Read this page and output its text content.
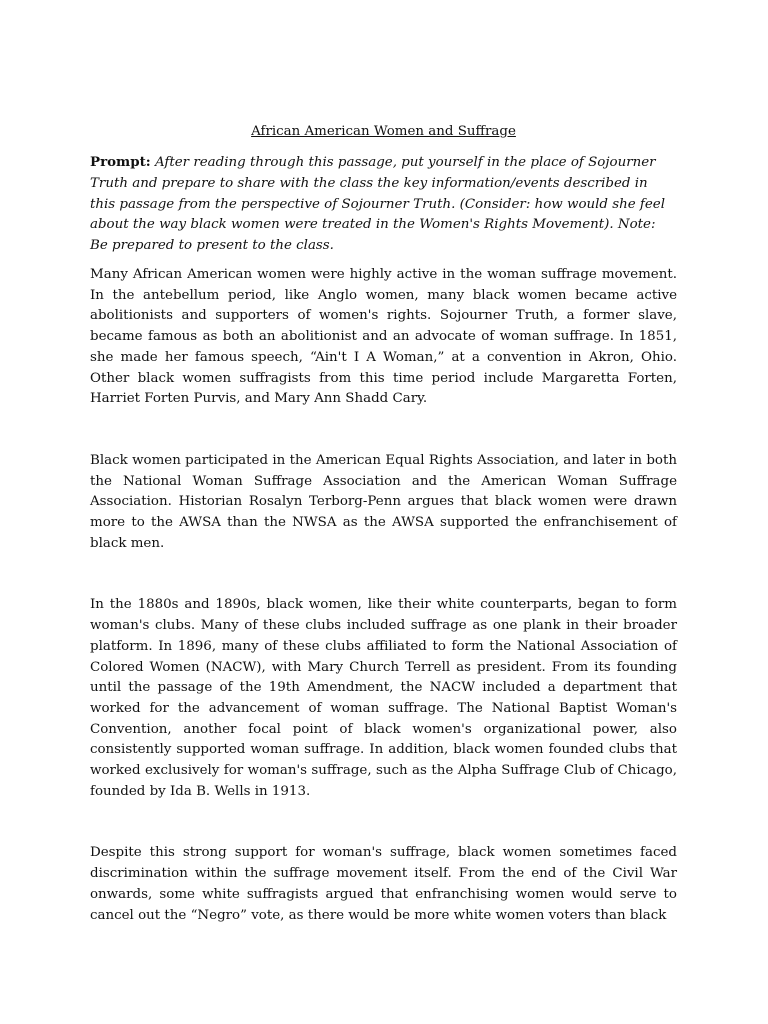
African American Women and Suffrage

Prompt: After reading through this passage, put yourself in the place of Sojourner Truth and prepare to share with the class the key information/events described in this passage from the perspective of Sojourner Truth. (Consider: how would she feel about the way black women were treated in the Women's Rights Movement). Note: Be prepared to present to the class.

Many African American women were highly active in the woman suffrage movement. In the antebellum period, like Anglo women, many black women became active abolitionists and supporters of women's rights. Sojourner Truth, a former slave, became famous as both an abolitionist and an advocate of woman suffrage. In 1851, she made her famous speech, “Ain't I A Woman,” at a convention in Akron, Ohio. Other black women suffragists from this time period include Margaretta Forten, Harriet Forten Purvis, and Mary Ann Shadd Cary.

Black women participated in the American Equal Rights Association, and later in both the National Woman Suffrage Association and the American Woman Suffrage Association. Historian Rosalyn Terborg-Penn argues that black women were drawn more to the AWSA than the NWSA as the AWSA supported the enfranchisement of black men.

In the 1880s and 1890s, black women, like their white counterparts, began to form woman's clubs. Many of these clubs included suffrage as one plank in their broader platform. In 1896, many of these clubs affiliated to form the National Association of Colored Women (NACW), with Mary Church Terrell as president. From its founding until the passage of the 19th Amendment, the NACW included a department that worked for the advancement of woman suffrage. The National Baptist Woman's Convention, another focal point of black women's organizational power, also consistently supported woman suffrage. In addition, black women founded clubs that worked exclusively for woman's suffrage, such as the Alpha Suffrage Club of Chicago, founded by Ida B. Wells in 1913.

Despite this strong support for woman's suffrage, black women sometimes faced discrimination within the suffrage movement itself. From the end of the Civil War onwards, some white suffragists argued that enfranchising women would serve to cancel out the “Negro” vote, as there would be more white women voters than black
